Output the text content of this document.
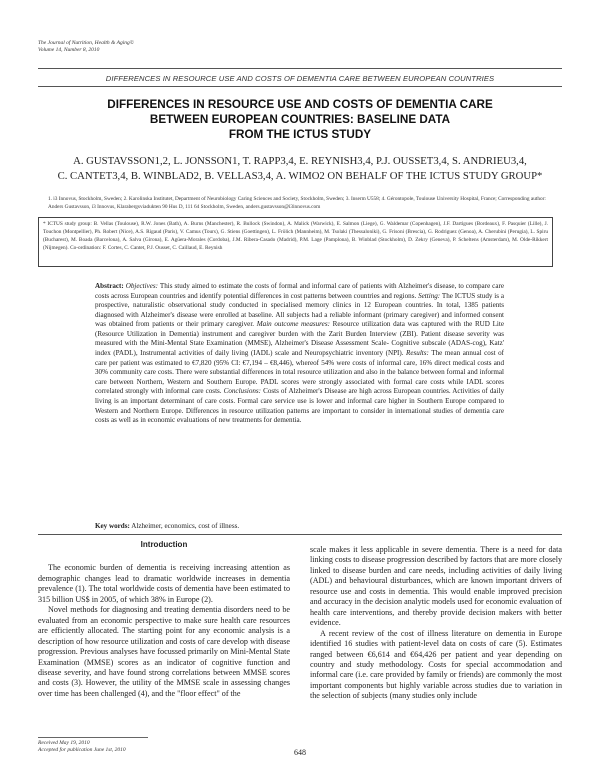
The Journal of Nutrition, Health & Aging©
Volume 14, Number 8, 2010
DIFFERENCES IN RESOURCE USE AND COSTS OF DEMENTIA CARE BETWEEN EUROPEAN COUNTRIES
DIFFERENCES IN RESOURCE USE AND COSTS OF DEMENTIA CARE
BETWEEN EUROPEAN COUNTRIES: BASELINE DATA
FROM THE ICTUS STUDY
A. GUSTAVSSON1,2, L. JONSSON1, T. RAPP3,4, E. REYNISH3,4, P.J. OUSSET3,4, S. ANDRIEU3,4,
C. CANTET3,4, B. WINBLAD2, B. VELLAS3,4, A. WIMO2 ON BEHALF OF THE ICTUS STUDY GROUP*
1. i3 Innovus, Stockholm, Sweden; 2. Karolinska Institutet, Department of Neurobiology Caring Sciences and Society, Stockholm, Sweden; 3. Inserm U558; 4. Gérontopole, Toulouse University Hospital, France; Corresponding author: Anders Gustavsson, i3 Innovus, Klarabergsviadukten 90 Hus D, 111 64 Stockholm, Sweden, anders.gustavsson@i3innovus.com
* ICTUS study group: B. Vellas (Toulouse), R.W. Jones (Bath), A. Burns (Manchester), R. Bullock (Swindon), A. Malick (Warwick), E. Salmon (Liege), G. Waldemar (Copenhagen), J.F. Dartigues (Bordeaux), F. Pasquier (Lille), J. Touchon (Montpellier), Ph. Robert (Nice), A.S. Rigaud (Paris), V. Camus (Tours), G. Stiens (Goettingen), L. Frölich (Mannheim), M. Tsolaki (Thessaloniki), G. Frisoni (Brescia), G. Rodriguez (Genoa), A. Cherubini (Perugia), L. Spiru (Bucharest), M. Boada (Barcelona), A. Salva (Girona), E. Agüera-Morales (Cordoba), J.M. Ribera-Casado (Madrid), P.M. Lage (Pamplona), B. Winblad (Stockholm), D. Zekry (Geneva), P. Scheltens (Amsterdam), M. Olde-Rikkert (Nijmegen). Co-ordination: F. Cortes, C. Cantet, P.J. Ousset, C. Caillaud, E. Reynish
Abstract: Objectives: This study aimed to estimate the costs of formal and informal care of patients with Alzheimer's disease, to compare care costs across European countries and identify potential differences in cost patterns between countries and regions. Setting: The ICTUS study is a prospective, naturalistic observational study conducted in specialised memory clinics in 12 European countries. In total, 1385 patients diagnosed with Alzheimer's disease were enrolled at baseline. All subjects had a reliable informant (primary caregiver) and informed consent was obtained from patients or their primary caregiver. Main outcome measures: Resource utilization data was captured with the RUD Lite (Resource Utilization in Dementia) instrument and caregiver burden with the Zarit Burden Interview (ZBI). Patient disease severity was measured with the Mini-Mental State Examination (MMSE), Alzheimer's Disease Assessment Scale- Cognitive subscale (ADAS-cog), Katz' index (PADL), Instrumental activities of daily living (IADL) scale and Neuropsychiatric inventory (NPI). Results: The mean annual cost of care per patient was estimated to €7,820 (95% CI: €7,194 – €8,446), whereof 54% were costs of informal care, 16% direct medical costs and 30% community care costs. There were substantial differences in total resource utilization and also in the balance between formal and informal care between Northern, Western and Southern Europe. PADL scores were strongly associated with formal care costs while IADL scores correlated strongly with informal care costs. Conclusions: Costs of Alzheimer's Disease are high across European countries. Activities of daily living is an important determinant of care costs. Formal care service use is lower and informal care higher in Southern Europe compared to Western and Northern Europe. Differences in resource utilization patterns are important to consider in international studies of dementia care costs as well as in economic evaluations of new treatments for dementia.
Key words: Alzheimer, economics, cost of illness.
Introduction

The economic burden of dementia is receiving increasing attention as demographic changes lead to dramatic worldwide increases in dementia prevalence (1). The total worldwide costs of dementia have been estimated to 315 billion US$ in 2005, of which 38% in Europe (2).

Novel methods for diagnosing and treating dementia disorders need to be evaluated from an economic perspective to make sure health care resources are efficiently allocated. The starting point for any economic analysis is a description of how resource utilization and costs of care develop with disease progression. Previous analyses have focussed primarily on Mini-Mental State Examination (MMSE) scores as an indicator of cognitive function and disease severity, and have found strong correlations between MMSE scores and costs (3). However, the utility of the MMSE scale in assessing changes over time has been challenged (4), and the "floor effect" of the

scale makes it less applicable in severe dementia. There is a need for data linking costs to disease progression described by factors that are more closely linked to disease burden and care needs, including activities of daily living (ADL) and behavioural disturbances, which are known important drivers of resource use and costs in dementia. This would enable improved precision and accuracy in the decision analytic models used for economic evaluation of health care interventions, and thereby provide decision makers with better evidence.

A recent review of the cost of illness literature on dementia in Europe identified 16 studies with patient-level data on costs of care (5). Estimates ranged between €6,614 and €64,426 per patient and year depending on country and study methodology. Costs for special accommodation and informal care (i.e. care provided by family or friends) are commonly the most important components but highly variable across studies due to variation in the selection of subjects (many studies only include

Received May 19, 2010
Accepted for publication June 1st, 2010	648
